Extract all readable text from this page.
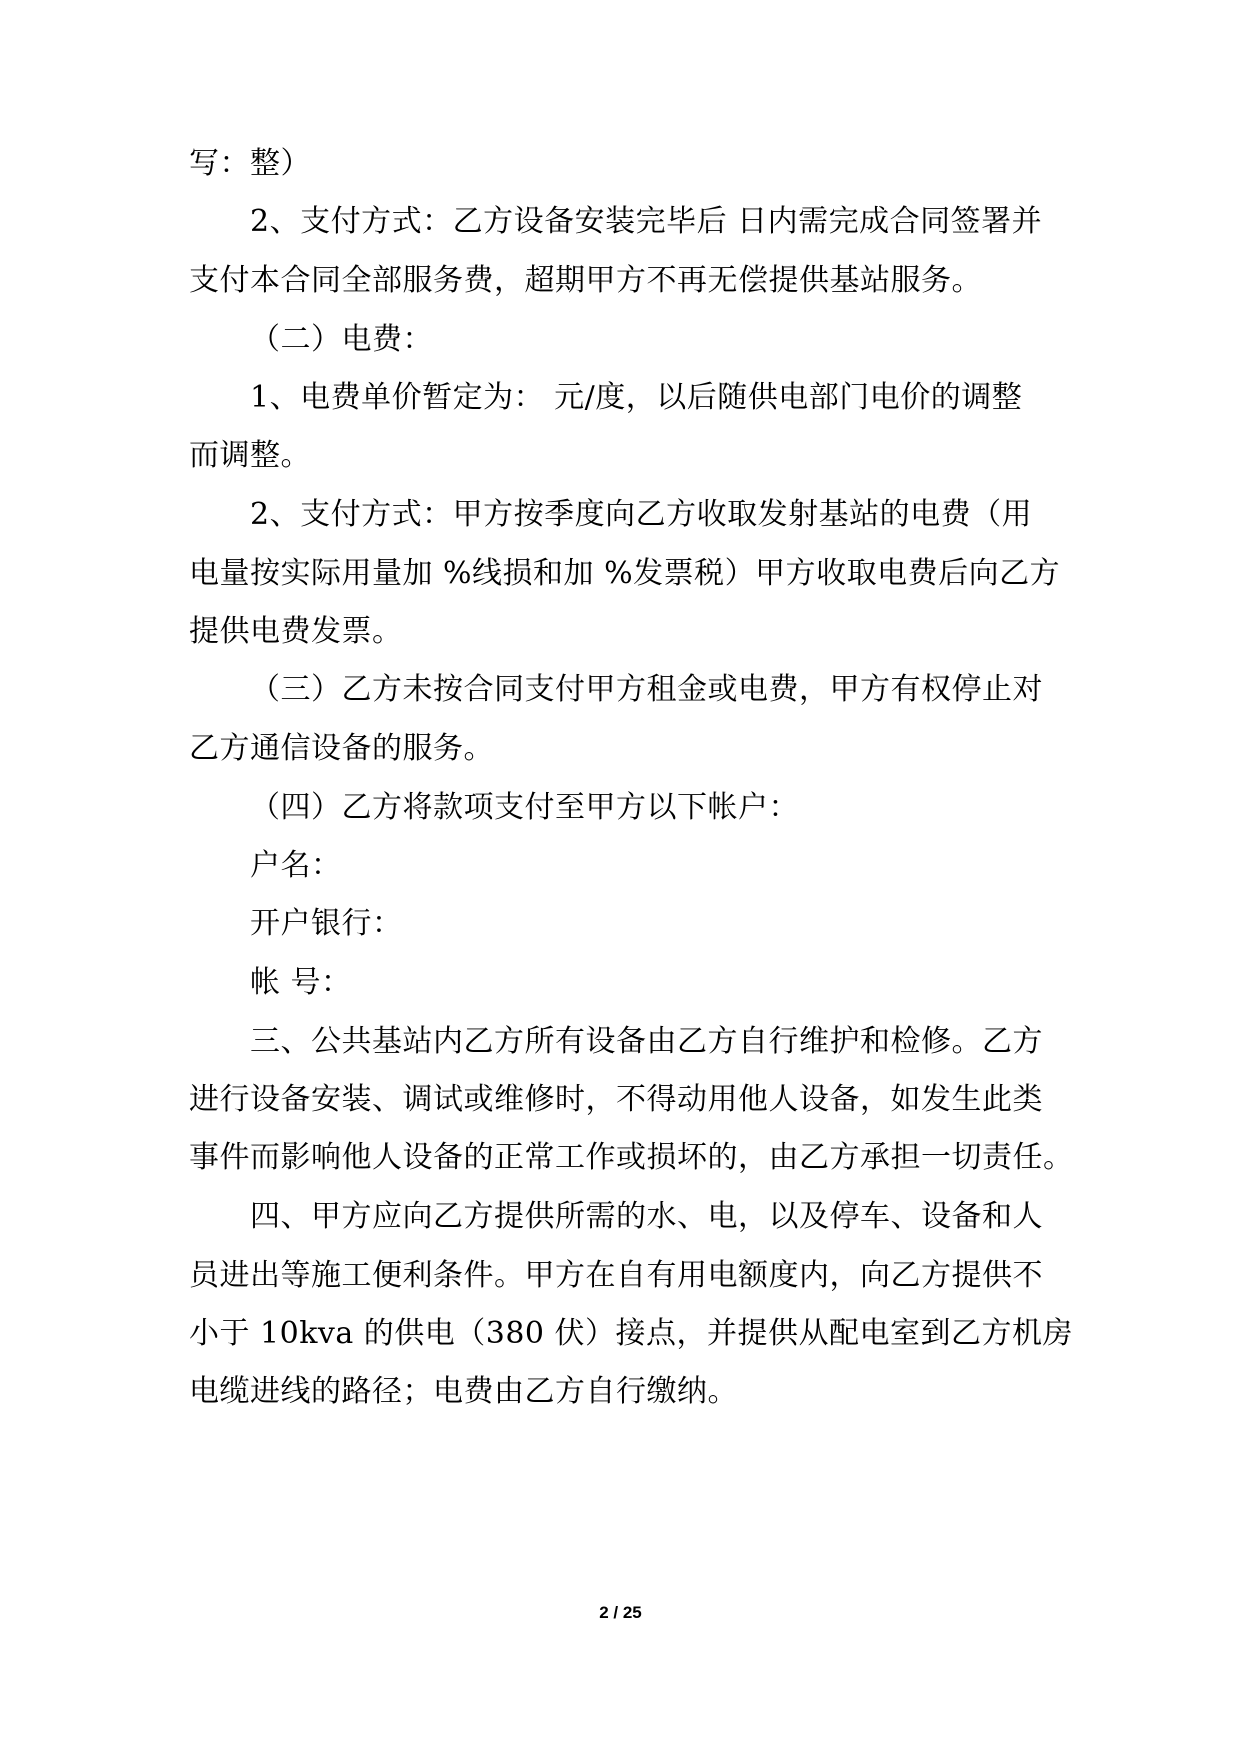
写：整）
2、支付方式：乙方设备安装完毕后 日内需完成合同签署并
支付本合同全部服务费，超期甲方不再无偿提供基站服务。
（二）电费：
1、电费单价暂定为： 元/度，以后随供电部门电价的调整
而调整。
2、支付方式：甲方按季度向乙方收取发射基站的电费（用
电量按实际用量加 %线损和加 %发票税）甲方收取电费后向乙方
提供电费发票。
（三）乙方未按合同支付甲方租金或电费，甲方有权停止对
乙方通信设备的服务。
（四）乙方将款项支付至甲方以下帐户：
户名：
开户银行：
帐 号：
三、公共基站内乙方所有设备由乙方自行维护和检修。乙方
进行设备安装、调试或维修时，不得动用他人设备，如发生此类
事件而影响他人设备的正常工作或损坏的，由乙方承担一切责任。
四、甲方应向乙方提供所需的水、电，以及停车、设备和人
员进出等施工便利条件。甲方在自有用电额度内，向乙方提供不
小于 10kva 的供电（380 伏）接点，并提供从配电室到乙方机房
电缆进线的路径；电费由乙方自行缴纳。
2 / 25
